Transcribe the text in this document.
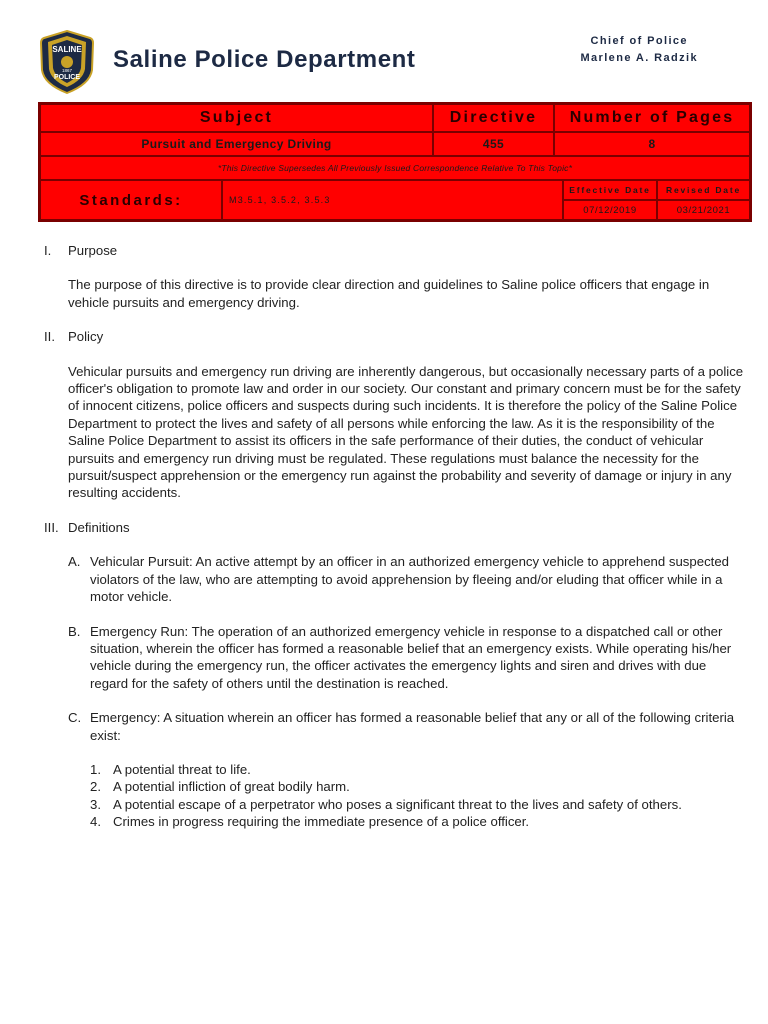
SALINE
1867
POLICE
Saline Police Department
Chief of Police
Marlene A. Radzik
Subject	Directive	Number of Pages
Pursuit and Emergency Driving	455	8
*This Directive Supersedes All Previously Issued Correspondence Relative To This Topic*
Standards:	M3.5.1, 3.5.2, 3.5.3
Effective Date	Revised Date
07/12/2019	03/21/2021

I. Purpose

The purpose of this directive is to provide clear direction and guidelines to Saline police officers that engage in vehicle pursuits and emergency driving.

II. Policy

Vehicular pursuits and emergency run driving are inherently dangerous, but occasionally necessary parts of a police officer's obligation to promote law and order in our society. Our constant and primary concern must be for the safety of innocent citizens, police officers and suspects during such incidents. It is therefore the policy of the Saline Police Department to protect the lives and safety of all persons while enforcing the law. As it is the responsibility of the Saline Police Department to assist its officers in the safe performance of their duties, the conduct of vehicular pursuits and emergency run driving must be regulated. These regulations must balance the necessity for the pursuit/suspect apprehension or the emergency run against the probability and severity of damage or injury in any resulting accidents.

III. Definitions

A. Vehicular Pursuit: An active attempt by an officer in an authorized emergency vehicle to apprehend suspected violators of the law, who are attempting to avoid apprehension by fleeing and/or eluding that officer while in a motor vehicle.

B. Emergency Run: The operation of an authorized emergency vehicle in response to a dispatched call or other situation, wherein the officer has formed a reasonable belief that an emergency exists. While operating his/her vehicle during the emergency run, the officer activates the emergency lights and siren and drives with due regard for the safety of others until the destination is reached.

C. Emergency: A situation wherein an officer has formed a reasonable belief that any or all of the following criteria exist:

1. A potential threat to life.

2. A potential infliction of great bodily harm.

3. A potential escape of a perpetrator who poses a significant threat to the lives and safety of others.

4. Crimes in progress requiring the immediate presence of a police officer.
